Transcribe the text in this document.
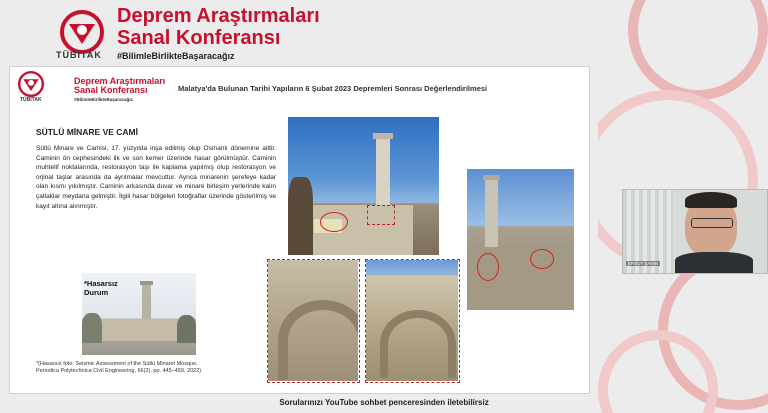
TÜBİTAK
Deprem Araştırmaları
Sanal Konferansı
#BilimleBirlikteBaşaracağız
TÜBİTAK
Deprem Araştırmaları
Sanal Konferansı
#BilimleBirlikteBaşaracağız
Malatya'da Bulunan Tarihi Yapıların 6 Şubat 2023 Depremleri Sonrası Değerlendirilmesi
SÜTLÜ MİNARE VE CAMİ
Sütlü Minare ve Camisi, 17. yüzyılda inşa edilmiş olup Osmanlı dönemine aittir. Caminin ön cephesindeki ilk ve son kemer üzerinde hasar görülmüştür. Caminin muhtelif noktalarında, restorasyon taşı ile kaplama yapılmış olup restorasyon ve orjinal taşlar arasında da ayrılmalar mevcuttur. Ayrıca minarenin şerefeye kadar olan kısmı yıkılmıştır. Caminin arkasında duvar ve minare birleşim yerlerinde kalın çatlaklar meydana gelmiştir. İlgili hasar bölgeleri fotoğraflar üzerinde gösterilmiş ve kayıt altına alınmıştır.
*Hasarsız
Durum
*(Hasarsız foto: Seismic Assessment of the Sütlü Minaret Mosque,
Periodica Polytechnica Civil Engineering, 66(2), pp. 445–459, 2022)
ERSUT ŞAHIN
Sorularınızı YouTube sohbet penceresinden iletebilirsiz
